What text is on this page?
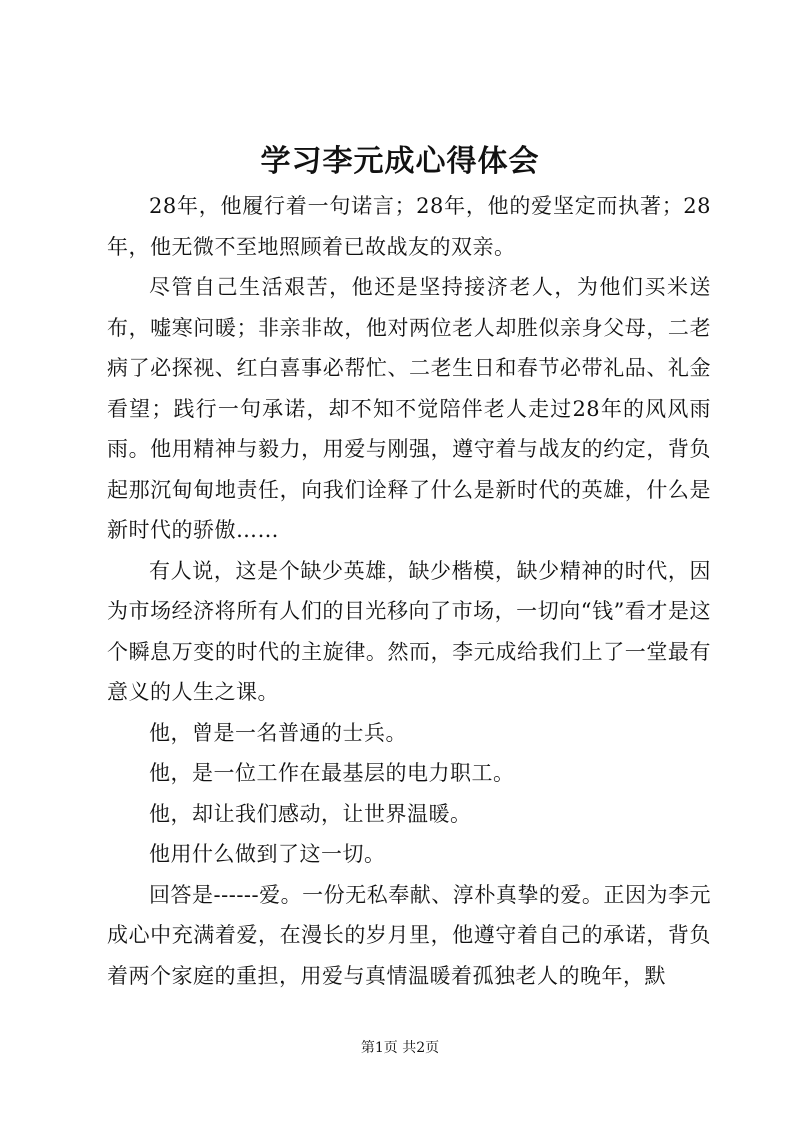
学习李元成心得体会

28年，他履行着一句诺言；28年，他的爱坚定而执著；28年，他无微不至地照顾着已故战友的双亲。

尽管自己生活艰苦，他还是坚持接济老人，为他们买米送布，嘘寒问暖；非亲非故，他对两位老人却胜似亲身父母，二老病了必探视、红白喜事必帮忙、二老生日和春节必带礼品、礼金看望；践行一句承诺，却不知不觉陪伴老人走过28年的风风雨雨。他用精神与毅力，用爱与刚强，遵守着与战友的约定，背负起那沉甸甸地责任，向我们诠释了什么是新时代的英雄，什么是新时代的骄傲……

有人说，这是个缺少英雄，缺少楷模，缺少精神的时代，因为市场经济将所有人们的目光移向了市场，一切向“钱”看才是这个瞬息万变的时代的主旋律。然而，李元成给我们上了一堂最有意义的人生之课。

他，曾是一名普通的士兵。

他，是一位工作在最基层的电力职工。

他，却让我们感动，让世界温暖。

他用什么做到了这一切。

回答是------爱。一份无私奉献、淳朴真挚的爱。正因为李元成心中充满着爱，在漫长的岁月里，他遵守着自己的承诺，背负着两个家庭的重担，用爱与真情温暖着孤独老人的晚年，默

第1页 共2页
